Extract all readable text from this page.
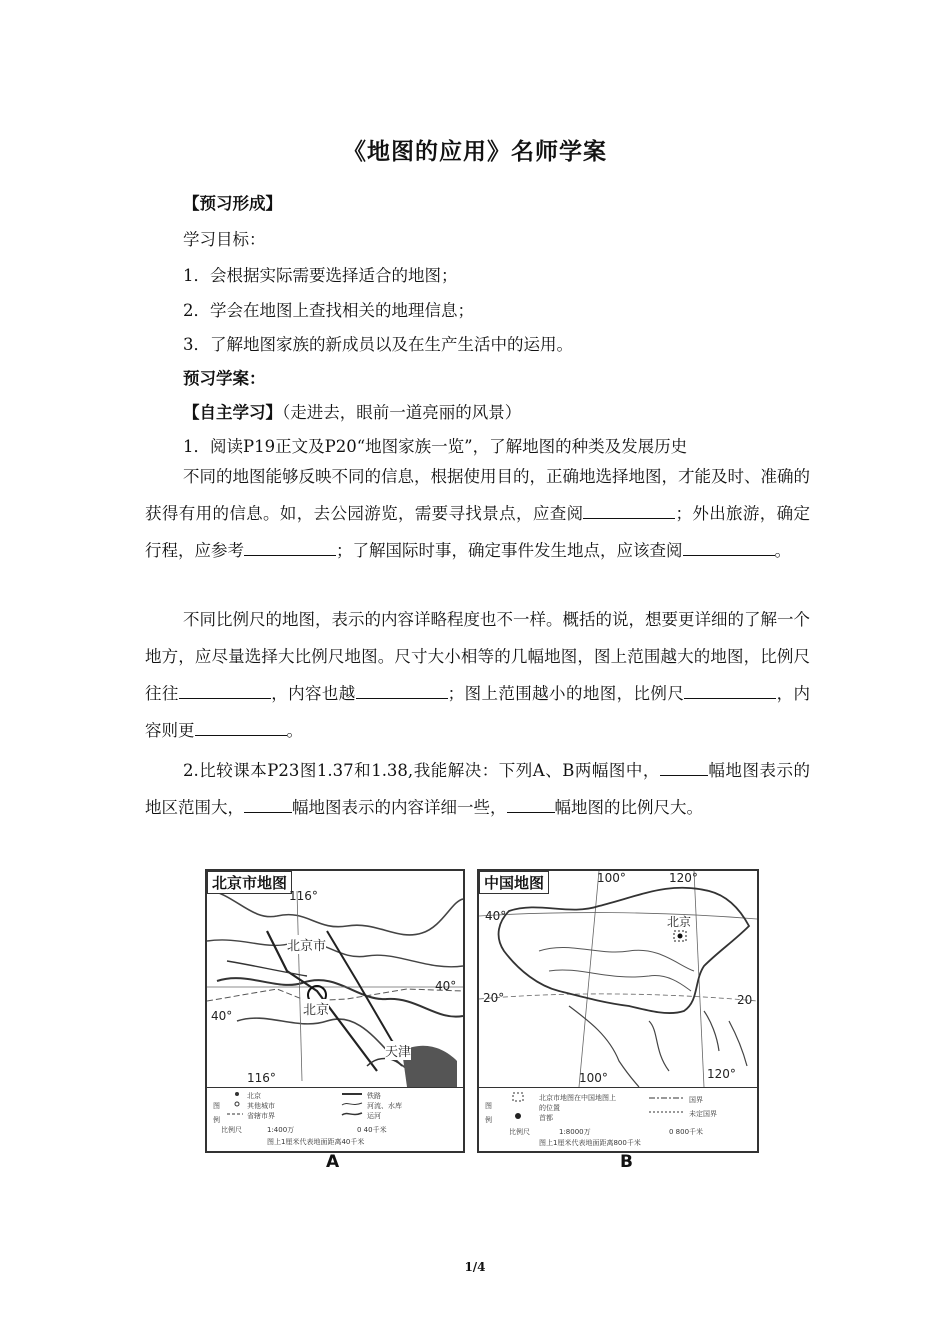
《地图的应用》名师学案
【预习形成】
学习目标：
1．会根据实际需要选择适合的地图；
2．学会在地图上查找相关的地理信息；
3．了解地图家族的新成员以及在生产生活中的运用。
预习学案：
【自主学习】（走进去，眼前一道亮丽的风景）
1．阅读P19正文及P20“地图家族一览”，了解地图的种类及发展历史
不同的地图能够反映不同的信息，根据使用目的，正确地选择地图，才能及时、准确的获得有用的信息。如，去公园游览，需要寻找景点，应查阅	；外出旅游，确定行程，应参考	；了解国际时事，确定事件发生地点，应该查阅	。
不同比例尺的地图，表示的内容详略程度也不一样。概括的说，想要更详细的了解一个地方，应尽量选择大比例尺地图。尺寸大小相等的几幅地图，图上范围越大的地图，比例尺往往	，内容也越	；图上范围越小的地图，比例尺	，内容则更	。
2.比较课本P23图1.37和1.38,我能解决：下列A、B两幅图中，	幅地图表示的地区范围大，	幅地图表示的内容详细一些，	幅地图的比例尺大。
北京市地图
116°
北京市
北京
40°
40°
天津
116°
图
例
北京
其他城市
省辖市界
铁路
河流、水库
运河
比例尺	1:400万	0 40千米
图上1厘米代表地面距离40千米
A
中国地图	100°	120°
40°
20°	20
北京
100°	120°
图
例
北京市地图在中国地图上的位置
首都
国界
未定国界
比例尺	1:8000万	0 800千米
图上1厘米代表地面距离800千米
B
1/4
